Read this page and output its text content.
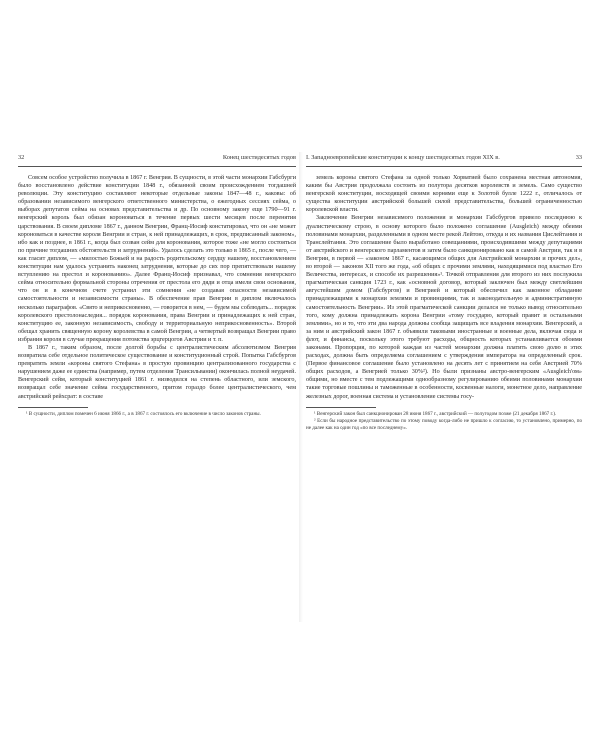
32	Конец шестидесятых годов

Совсем особое устройство получила в 1867 г. Венгрия. В сущности, в этой части монархии Габсбурги было восстановлено действие конституции 1848 г., обязанной своим происхождением тогдашней революции. Эту конституцию составляют некоторые отдельные законы 1847—48 г., каковы: об образовании независимого венгерского ответственного министерства, о ежегодных сессиях сейма, о выборах депутатов сейма на основах представительства и др. По основному закону еще 1790—91 г. венгерский король был обязан короноваться в течение первых шести месяцев после перенятия царствования. В своем дипломе 1867 г., данном Венгрии, Франц-Иосиф констатировал, что он «не может короноваться в качестве короля Венгрии и стран, к ней принадлежащих, в срок, предписанный законом», ибо как и позднее, в 1861 г., когда был созван сейм для коронования, которое тоже «не могло состояться по причине тогдашних обстоятельств и затруднений». Удалось сделать это только в 1865 г., после чего, — как гласит диплом, — «милостью Божьей и на радость родительскому сердцу нашему, восстановлением конституции нам удалось устранить наконец затруднения, которые до сих пор препятствовали нашему вступлению на престол и коронованию». Далее Франц-Иосиф признавал, что сомнения венгерского сейма относительно формальной стороны отречения от престола его дяди и отца имели свои основания, что он и в конечном счете устранил эти сомнения «не создавая опасности независимой самостоятельности и независимости страны». В обеспечение прав Венгрии в диплом включалось несколько параграфов. «Свято и неприкосновенно, — говорится в нем, — будем мы соблюдать... порядок королевского престолонаследия... порядок коронования, права Венгрии и принадлежащих к ней стран, конституцию ее, законную независимость, свободу и территориальную неприкосновенность». Второй обещал хранить священную корону королевства в самой Венгрии, а четвертый возвращал Венгрии право избрания короля в случае прекращения потомства эрцгерцогов Австрии и т. п.

В 1867 г., таким образом, после долгой борьбы с централистическим абсолютизмом Венгрия возвратила себе отдельное политическое существование и конституционный строй. Попытка Габсбургов превратить земли «короны святого Стефана» в простую провинцию централизованного государства с нарушением даже ее единства (например, путем отделения Трансильвании) окончилась полной неудачей. Венгерский сейм, который конституцией 1861 г. низводился на степень областного, или земского, возвращал себе значение сейма государственного, притом гораздо более централистического, чем австрийский рейхсрат: в составе

¹ В сущности, диплом помечен 6 июня 1866 г., а в 1867 г. состоялось его включение в число законов страны.

I. Западноевропейские конституции к концу шестидесятых годов XIX в.	33

земель короны святого Стефана за одной только Хорватией было сохранена местная автономия, каким бы Австрия продолжала состоять из полутора десятков королевств и земель. Само существо венгерской конституции, восходящей своими корнями еще к Золотой булле 1222 г., отличалось от существа конституции австрийской большей силой представительства, большей ограниченностью королевской власти.

Заключение Венгрии независимого положения и монархии Габсбургов привело последнюю к дуалистическому строю, в основу которого было положено соглашение (Ausgleich) между обеими половинами монархии, разделенными в одном месте рекой Лейтою, откуда и их названия Цислейтания и Транслейтания. Это соглашение было выработано совещаниями, происходившими между депутациями от австрийского и венгерского парламентов и затем было санкционировано как в самой Австрии, так и в Венгрии, в первой — «законом 1867 г., касающимся общих для Австрийской монархии и прочих дел», во второй — законом XII того же года, «об общих с прочими землями, находящимися под властью Его Величества, интересах, и способе их разрешения»¹. Точкой отправления для второго из них послужила прагматическая санкция 1723 г., как «основной договор, который заключен был между светлейшим августейшим домом (Габсбургов) и Венгрией и который обеспечил как законное обладание принадлежащими к монархии землями и провинциями, так и законодательную и административную самостоятельность Венгрии». Из этой прагматической санкции делался не только вывод относительно того, кому должна принадлежать корона Венгрии «тому государю, который правит и остальными землями», но и то, что эти два народа должны сообща защищать все владения монархии. Венгерский, а за ним и австрийский закон 1867 г. объявили таковыми иностранные и военные дела, включая сюда и флот, и финансы, поскольку этого требуют расходы, общность которых устанавливается обоими законами. Пропорция, по которой каждая из частей монархии должна платить свою долю в этих расходах, должна быть определяема соглашением с утверждения императора на определенный срок. (Первое финансовое соглашение было установлено на десять лет с принятием на себя Австрией 70% общих расходов, а Венгрией только 30%²). Но были признаны австро-венгерским «Ausgleich'ом» общими, но вместе с тем подлежащими однообразному регулированию обеими половинами монархии такие торговые пошлины и таможенные в особенности, косвенные налоги, монетное дело, направление железных дорог, военная система и установление системы госу-

¹ Венгерский закон был санкционирован 28 июня 1867 г., австрийский — полугодом позже (21 декабря 1867 г.).

² Если бы народное представительство по этому поводу когда-либо не пришло к согласию, то установлено, примерно, по не далее как на один год «по все последнему».
